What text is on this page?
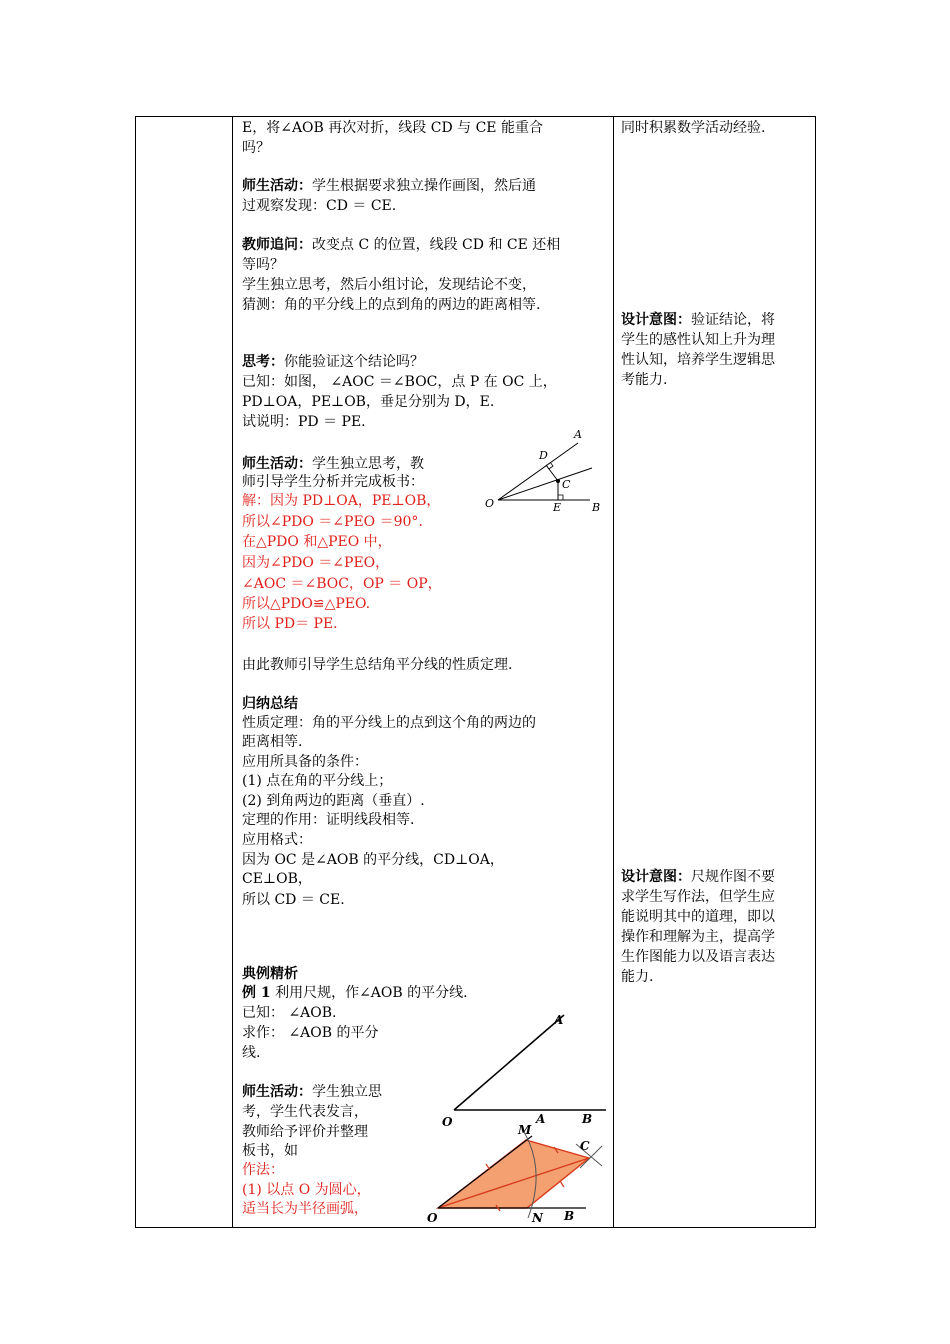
E，将∠AOB 再次对折，线段 CD 与 CE 能重合
吗？
师生活动：学生根据要求独立操作画图，然后通
过观察发现：CD ＝ CE.
教师追问：改变点 C 的位置，线段 CD 和 CE 还相
等吗？
学生独立思考，然后小组讨论，发现结论不变，
猜测：角的平分线上的点到角的两边的距离相等.
思考：你能验证这个结论吗？
已知：如图， ∠AOC ＝∠BOC，点 P 在 OC 上，
PD⊥OA，PE⊥OB，垂足分别为 D，E.
试说明：PD ＝ PE.
师生活动：学生独立思考，教
师引导学生分析并完成板书：
解：因为 PD⊥OA，PE⊥OB，
所以∠PDO ＝∠PEO ＝90°.
在△PDO 和△PEO 中，
因为∠PDO ＝∠PEO，
∠AOC ＝∠BOC，OP ＝ OP，
所以△PDO≌△PEO.
所以 PD＝ PE.
由此教师引导学生总结角平分线的性质定理.
归纳总结
性质定理：角的平分线上的点到这个角的两边的
距离相等.
应用所具备的条件：
(1) 点在角的平分线上；
(2) 到角两边的距离（垂直）.
定理的作用：证明线段相等.
应用格式：
因为 OC 是∠AOB 的平分线，CD⊥OA，
CE⊥OB，
所以 CD ＝ CE.
典例精析
例 1 利用尺规，作∠AOB 的平分线.
已知： ∠AOB.
求作： ∠AOB 的平分
线.
师生活动：学生独立思
考，学生代表发言，
教师给予评价并整理
板书，如
作法：
(1) 以点 O 为圆心，
适当长为半径画弧，
同时积累数学活动经验.
设计意图：验证结论，将
学生的感性认知上升为理
性认知，培养学生逻辑思
考能力.
设计意图：尺规作图不要
求学生写作法，但学生应
能说明其中的道理，即以
操作和理解为主，提高学
生作图能力以及语言表达
能力.
A
D
C
O	E	B
A
O	A	B
M
C
O	N B
